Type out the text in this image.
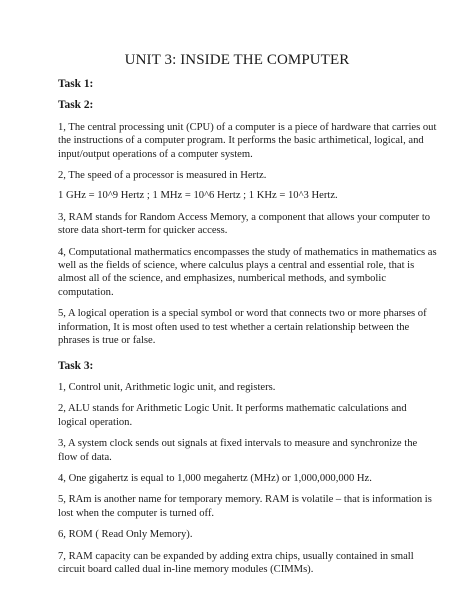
UNIT 3: INSIDE THE COMPUTER
Task 1:
Task 2:
1, The central processing unit (CPU) of a computer is a piece of hardware that carries out the instructions of a computer program. It performs the basic arthimetical, logical, and input/output operations of a computer system.
2, The speed of a processor is measured in Hertz.
1 GHz = 10^9 Hertz ; 1 MHz = 10^6 Hertz ; 1 KHz = 10^3 Hertz.
3, RAM stands for Random Access Memory, a component that allows your computer to store data short-term for quicker access.
4, Computational mathermatics encompasses the study of mathematics in mathematics as well as the fields of science, where calculus plays a central and essential role, that is almost all of the science, and emphasizes, numberical methods, and symbolic computation.
5, A logical operation is a special symbol or word that connects two or more pharses of information, It is most often used to test whether a certain relationship between the phrases is true or false.
Task 3:
1, Control unit, Arithmetic logic unit, and registers.
2, ALU stands for Arithmetic Logic Unit. It performs mathematic calculations and logical operation.
3, A system clock sends out signals at fixed intervals to measure and synchronize the flow of data.
4, One gigahertz is equal to 1,000 megahertz (MHz) or 1,000,000,000 Hz.
5, RAm is another name for temporary memory. RAM is volatile – that is information is lost when the computer is turned off.
6, ROM ( Read Only Memory).
7, RAM capacity can be expanded by adding extra chips, usually contained in small circuit board called dual in-line memory modules (CIMMs).
